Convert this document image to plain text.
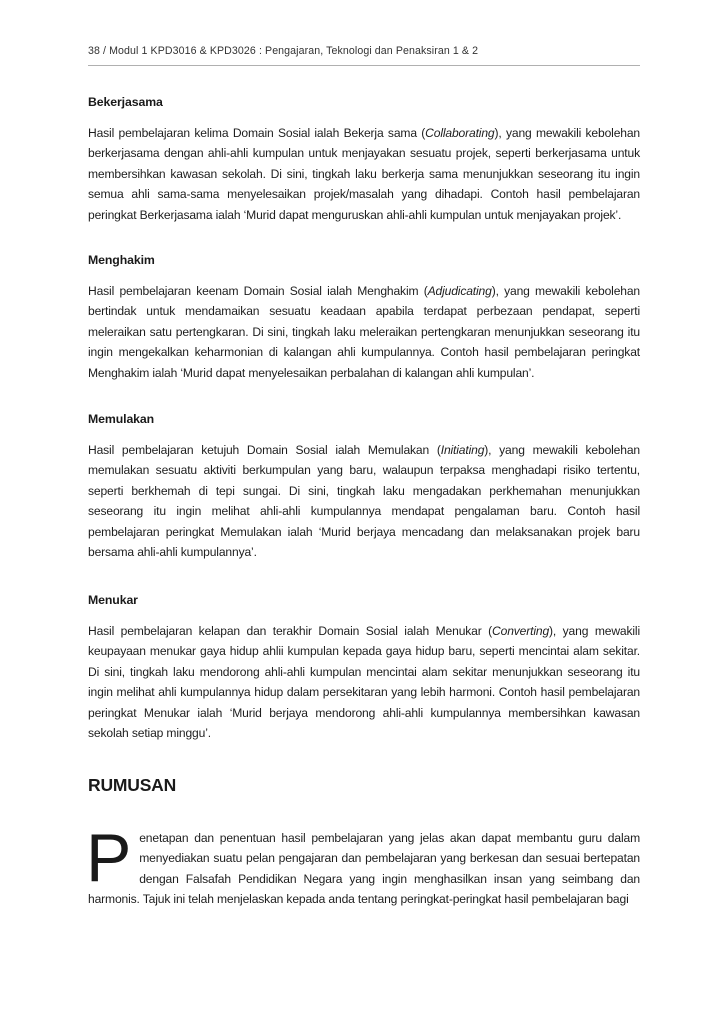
38 / Modul 1 KPD3016 & KPD3026 : Pengajaran, Teknologi dan Penaksiran 1 & 2
Bekerjasama

Hasil pembelajaran kelima Domain Sosial ialah Bekerja sama (Collaborating), yang mewakili kebolehan berkerjasama dengan ahli-ahli kumpulan untuk menjayakan sesuatu projek, seperti berkerjasama untuk membersihkan kawasan sekolah. Di sini, tingkah laku berkerja sama menunjukkan seseorang itu ingin semua ahli sama-sama menyelesaikan projek/masalah yang dihadapi. Contoh hasil pembelajaran peringkat Berkerjasama ialah ‘Murid dapat menguruskan ahli-ahli kumpulan untuk menjayakan projek’.

Menghakim

Hasil pembelajaran keenam Domain Sosial ialah Menghakim (Adjudicating), yang mewakili kebolehan bertindak untuk mendamaikan sesuatu keadaan apabila terdapat perbezaan pendapat, seperti meleraikan satu pertengkaran. Di sini, tingkah laku meleraikan pertengkaran menunjukkan seseorang itu ingin mengekalkan keharmonian di kalangan ahli kumpulannya. Contoh hasil pembelajaran peringkat Menghakim ialah ‘Murid dapat menyelesaikan perbalahan di kalangan ahli kumpulan’.

Memulakan

Hasil pembelajaran ketujuh Domain Sosial ialah Memulakan (Initiating), yang mewakili kebolehan memulakan sesuatu aktiviti berkumpulan yang baru, walaupun terpaksa menghadapi risiko tertentu, seperti berkhemah di tepi sungai. Di sini, tingkah laku mengadakan perkhemahan menunjukkan seseorang itu ingin melihat ahli-ahli kumpulannya mendapat pengalaman baru. Contoh hasil pembelajaran peringkat Memulakan ialah ‘Murid berjaya mencadang dan melaksanakan projek baru bersama ahli-ahli kumpulannya’.

Menukar

Hasil pembelajaran kelapan dan terakhir Domain Sosial ialah Menukar (Converting), yang mewakili keupayaan menukar gaya hidup ahlii kumpulan kepada gaya hidup baru, seperti mencintai alam sekitar. Di sini, tingkah laku mendorong ahli-ahli kumpulan mencintai alam sekitar menunjukkan seseorang itu ingin melihat ahli kumpulannya hidup dalam persekitaran yang lebih harmoni. Contoh hasil pembelajaran peringkat Menukar ialah ‘Murid berjaya mendorong ahli-ahli kumpulannya membersihkan kawasan sekolah setiap minggu’.

RUMUSAN

Penetapan dan penentuan hasil pembelajaran yang jelas akan dapat membantu guru dalam menyediakan suatu pelan pengajaran dan pembelajaran yang berkesan dan sesuai bertepatan dengan Falsafah Pendidikan Negara yang ingin menghasilkan insan yang seimbang dan harmonis. Tajuk ini telah menjelaskan kepada anda tentang peringkat-peringkat hasil pembelajaran bagi
